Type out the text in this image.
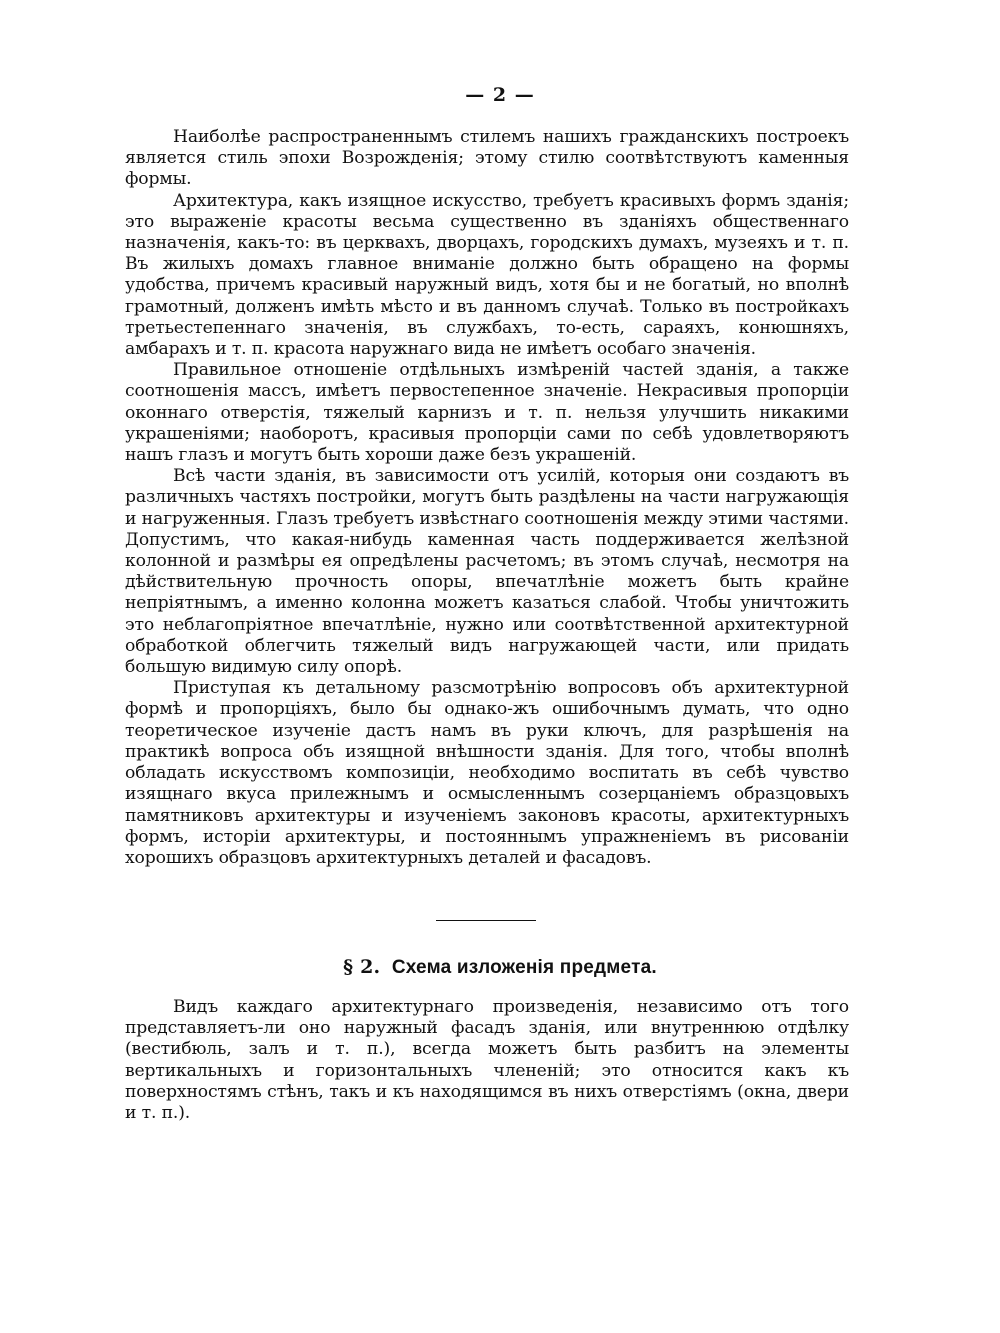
— 2 —

Наиболѣе распространеннымъ стилемъ нашихъ гражданскихъ построекъ является стиль эпохи Возрожденія; этому стилю соотвѣтствуютъ каменныя формы.

Архитектура, какъ изящное искусство, требуетъ красивыхъ формъ зданія; это выраженіе красоты весьма существенно въ зданіяхъ общественнаго назначенія, какъ-то: въ церквахъ, дворцахъ, городскихъ думахъ, музеяхъ и т. п. Въ жилыхъ домахъ главное вниманіе должно быть обращено на формы удобства, причемъ красивый наружный видъ, хотя бы и не богатый, но вполнѣ грамотный, долженъ имѣть мѣсто и въ данномъ случаѣ. Только въ постройкахъ третьестепеннаго значенія, въ службахъ, то-есть, сараяхъ, конюшняхъ, амбарахъ и т. п. красота наружнаго вида не имѣетъ особаго значенія.

Правильное отношеніе отдѣльныхъ измѣреній частей зданія, а также соотношенія массъ, имѣетъ первостепенное значеніе. Некрасивыя пропорціи оконнаго отверстія, тяжелый карнизъ и т. п. нельзя улучшить никакими украшеніями; наоборотъ, красивыя пропорціи сами по себѣ удовлетворяютъ нашъ глазъ и могутъ быть хороши даже безъ украшеній.

Всѣ части зданія, въ зависимости отъ усилій, которыя они создаютъ въ различныхъ частяхъ постройки, могутъ быть раздѣлены на части нагружающія и нагруженныя. Глазъ требуетъ извѣстнаго соотношенія между этими частями. Допустимъ, что какая-нибудь каменная часть поддерживается желѣзной колонной и размѣры ея опредѣлены расчетомъ; въ этомъ случаѣ, несмотря на дѣйствительную прочность опоры, впечатлѣніе можетъ быть крайне непріятнымъ, а именно колонна можетъ казаться слабой. Чтобы уничтожить это неблагопріятное впечатлѣніе, нужно или соотвѣтственной архитектурной обработкой облегчить тяжелый видъ нагружающей части, или придать большую видимую силу опорѣ.

Приступая къ детальному разсмотрѣнію вопросовъ объ архитектурной формѣ и пропорціяхъ, было бы однако-жъ ошибочнымъ думать, что одно теоретическое изученіе дастъ намъ въ руки ключъ, для разрѣшенія на практикѣ вопроса объ изящной внѣшности зданія. Для того, чтобы вполнѣ обладать искусствомъ композиціи, необходимо воспитать въ себѣ чувство изящнаго вкуса прилежнымъ и осмысленнымъ созерцаніемъ образцовыхъ памятниковъ архитектуры и изученіемъ законовъ красоты, архитектурныхъ формъ, исторіи архитектуры, и постояннымъ упражненіемъ въ рисованіи хорошихъ образцовъ архитектурныхъ деталей и фасадовъ.

§ 2. Схема изложенія предмета.

Видъ каждаго архитектурнаго произведенія, независимо отъ того представляетъ-ли оно наружный фасадъ зданія, или внутреннюю отдѣлку (вестибюль, залъ и т. п.), всегда можетъ быть разбитъ на элементы вертикальныхъ и горизонтальныхъ членeній; это относится какъ къ поверхностямъ стѣнъ, такъ и къ находящимся въ нихъ отверстіямъ (окна, двери и т. п.).
